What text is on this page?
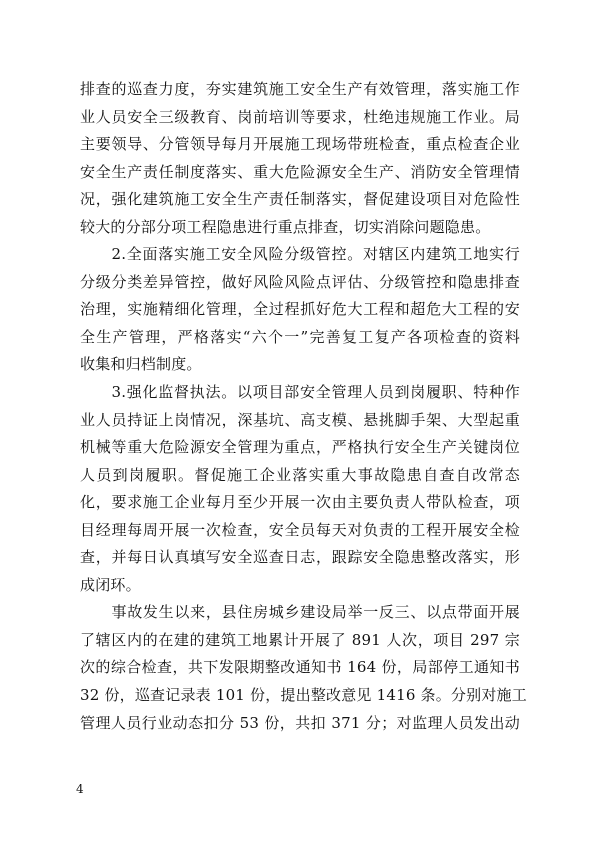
排查的巡查力度，夯实建筑施工安全生产有效管理，落实施工作
业人员安全三级教育、岗前培训等要求，杜绝违规施工作业。局
主要领导、分管领导每月开展施工现场带班检查，重点检查企业
安全生产责任制度落实、重大危险源安全生产、消防安全管理情
况，强化建筑施工安全生产责任制落实，督促建设项目对危险性
较大的分部分项工程隐患进行重点排查，切实消除问题隐患。
　　2.全面落实施工安全风险分级管控。对辖区内建筑工地实行
分级分类差异管控，做好风险风险点评估、分级管控和隐患排查
治理，实施精细化管理，全过程抓好危大工程和超危大工程的安
全生产管理，严格落实“六个一”完善复工复产各项检查的资料
收集和归档制度。
　　3.强化监督执法。以项目部安全管理人员到岗履职、特种作
业人员持证上岗情况，深基坑、高支模、悬挑脚手架、大型起重
机械等重大危险源安全管理为重点，严格执行安全生产关键岗位
人员到岗履职。督促施工企业落实重大事故隐患自查自改常态
化，要求施工企业每月至少开展一次由主要负责人带队检查，项
目经理每周开展一次检查，安全员每天对负责的工程开展安全检
查，并每日认真填写安全巡查日志，跟踪安全隐患整改落实，形
成闭环。
　　事故发生以来，县住房城乡建设局举一反三、以点带面开展
了辖区内的在建的建筑工地累计开展了 891 人次，项目 297 宗
次的综合检查，共下发限期整改通知书 164 份，局部停工通知书
32 份，巡查记录表 101 份，提出整改意见 1416 条。分别对施工
管理人员行业动态扣分 53 份，共扣 371 分；对监理人员发出动
4
